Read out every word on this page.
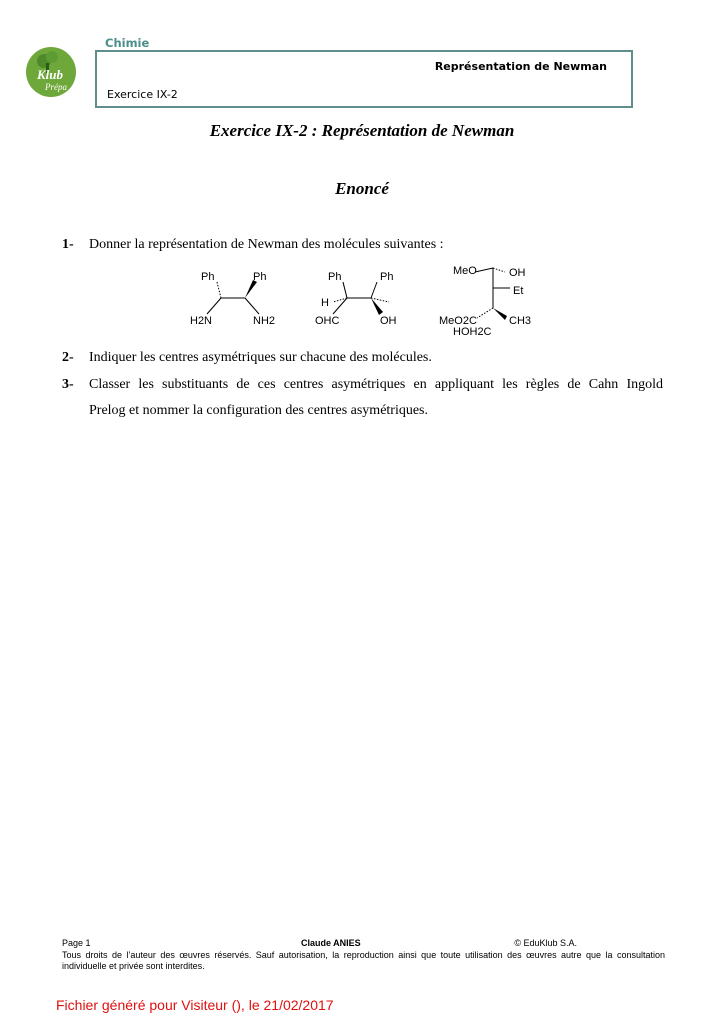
Klub
Prépa
Chimie
Représentation de Newman
Exercice IX-2
Exercice IX-2 : Représentation de Newman
Enoncé
1- Donner la représentation de Newman des molécules suivantes :
Ph	Ph
H2N	NH2
Ph	Ph
H
OHC	OH
MeO	OH
Et
MeO2C	CH3
HOH2C
2- Indiquer les centres asymétriques sur chacune des molécules.
3- Classer les substituants de ces centres asymétriques en appliquant les règles de Cahn Ingold
Prelog et nommer la configuration des centres asymétriques.
Page 1	Claude ANIES	© EduKlub S.A.
Tous droits de l’auteur des œuvres réservés. Sauf autorisation, la reproduction ainsi que toute utilisation des œuvres autre que la consultation individuelle et privée sont interdites.
Fichier généré pour Visiteur (), le 21/02/2017
